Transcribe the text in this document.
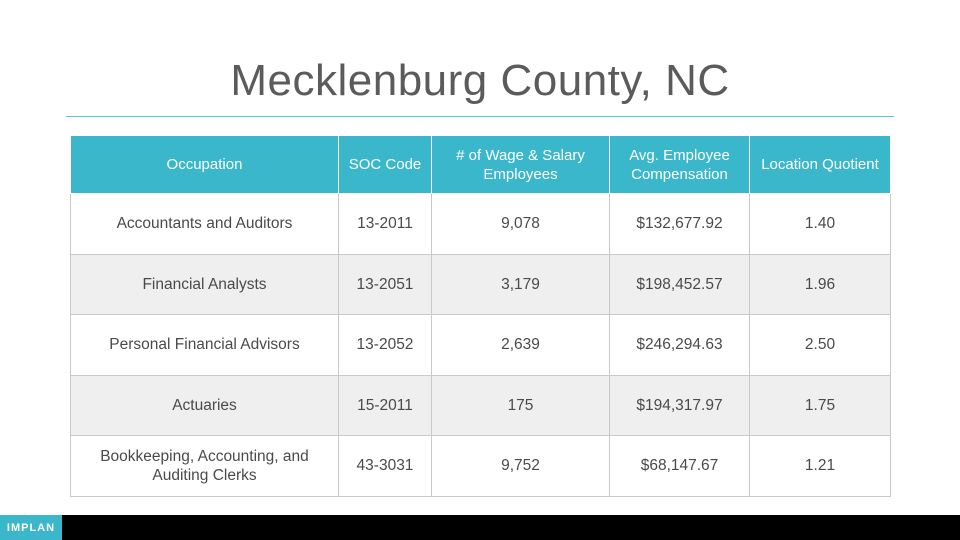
Mecklenburg County, NC
Occupation	SOC Code	# of Wage & Salary Employees	Avg. Employee Compensation	Location Quotient
Accountants and Auditors	13-2011	9,078	$132,677.92	1.40
Financial Analysts	13-2051	3,179	$198,452.57	1.96
Personal Financial Advisors	13-2052	2,639	$246,294.63	2.50
Actuaries	15-2011	175	$194,317.97	1.75
Bookkeeping, Accounting, and Auditing Clerks	43-3031	9,752	$68,147.67	1.21
IMPLAN
